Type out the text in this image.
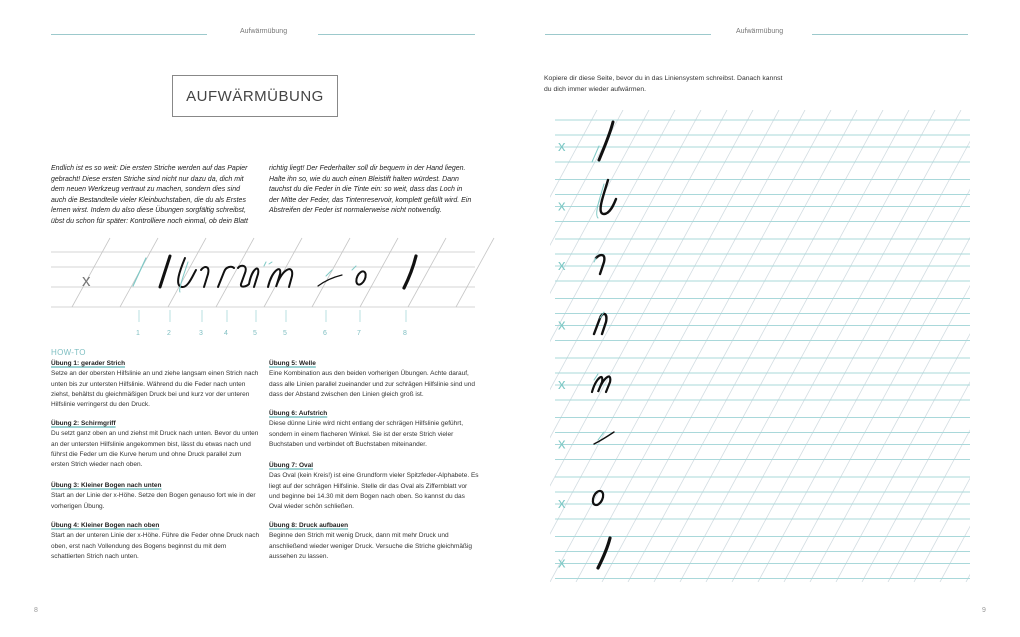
Aufwärmübung
AUFWÄRMÜBUNG
Endlich ist es so weit: Die ersten Striche werden auf das Papier gebracht! Diese ersten Striche sind nicht nur dazu da, dich mit dem neuen Werkzeug vertraut zu machen, sondern dies sind auch die Bestandteile vieler Kleinbuchstaben, die du als Erstes lernen wirst. Indem du also diese Übungen sorgfältig schreibst, übst du schon für später: Kontrolliere noch einmal, ob dein Blatt
richtig liegt! Der Federhalter soll dir bequem in der Hand liegen. Halte ihn so, wie du auch einen Bleistift halten würdest. Dann tauchst du die Feder in die Tinte ein: so weit, dass das Loch in der Mitte der Feder, das Tintenreservoir, komplett gefüllt wird. Ein Abstreifen der Feder ist normalerweise nicht notwendig.
x
1	2	3	4	5	5	6	7	8
HOW-TO
Übung 1: gerader Strich
Setze an der obersten Hilfslinie an und ziehe langsam einen Strich nach unten bis zur untersten Hilfslinie. Während du die Feder nach unten ziehst, behältst du gleichmäßigen Druck bei und kurz vor der unteren Hilfslinie verringerst du den Druck.
Übung 2: Schirmgriff
Du setzt ganz oben an und ziehst mit Druck nach unten. Bevor du unten an der untersten Hilfslinie angekommen bist, lässt du etwas nach und führst die Feder um die Kurve herum und ohne Druck parallel zum ersten Strich wieder nach oben.
Übung 3: Kleiner Bogen nach unten
Start an der Linie der x-Höhe. Setze den Bogen genauso fort wie in der vorherigen Übung.
Übung 4: Kleiner Bogen nach oben
Start an der unteren Linie der x-Höhe. Führe die Feder ohne Druck nach oben, erst nach Vollendung des Bogens beginnst du mit dem schattierten Strich nach unten.
Übung 5: Welle
Eine Kombination aus den beiden vorherigen Übungen. Achte darauf, dass alle Linien parallel zueinander und zur schrägen Hilfslinie sind und dass der Abstand zwischen den Linien gleich groß ist.
Übung 6: Aufstrich
Diese dünne Linie wird nicht entlang der schrägen Hilfslinie geführt, sondern in einem flacheren Winkel. Sie ist der erste Strich vieler Buchstaben und verbindet oft Buchstaben miteinander.
Übung 7: Oval
Das Oval (kein Kreis!) ist eine Grundform vieler Spitzfeder-Alphabete. Es liegt auf der schrägen Hilfslinie. Stelle dir das Oval als Ziffernblatt vor und beginne bei 14.30 mit dem Bogen nach oben. So kannst du das Oval wieder schön schließen.
Übung 8: Druck aufbauen
Beginne den Strich mit wenig Druck, dann mit mehr Druck und anschließend wieder weniger Druck. Versuche die Striche gleichmäßig aussehen zu lassen.
8
Aufwärmübung
Kopiere dir diese Seite, bevor du in das Liniensystem schreibst. Danach kannst du dich immer wieder aufwärmen.
x
x
x
x
x
x
x
x
9
